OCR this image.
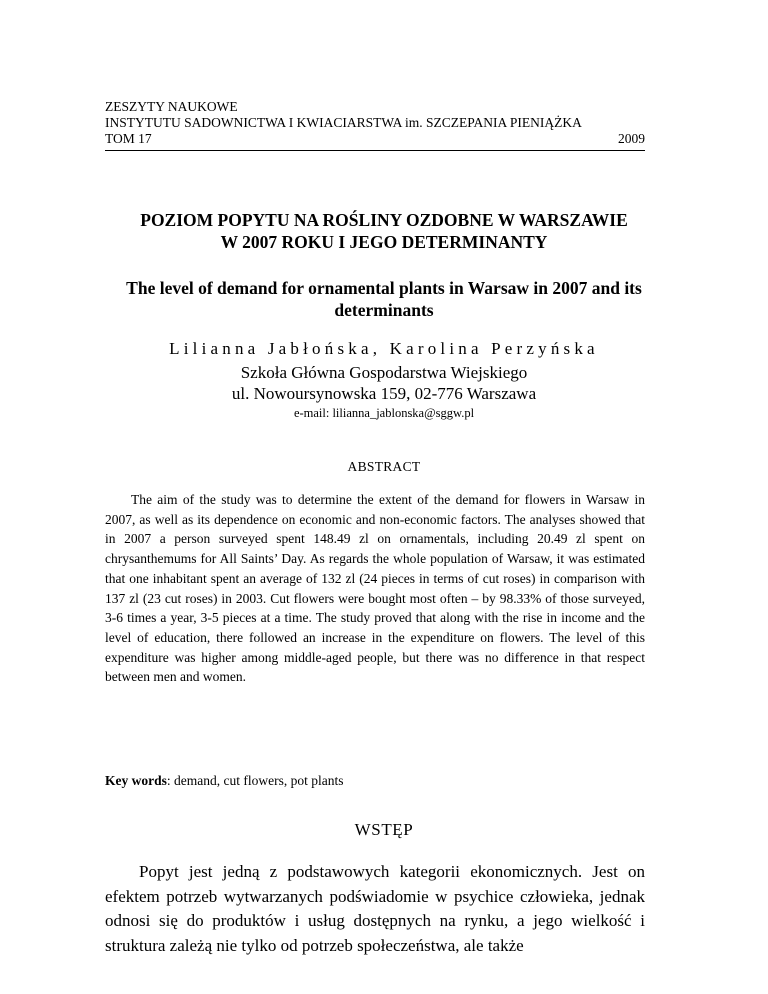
ZESZYTY NAUKOWE
INSTYTUTU SADOWNICTWA I KWIACIARSTWA im. SZCZEPANIA PIENIĄŻKA
TOM 17	2009
POZIOM POPYTU NA ROŚLINY OZDOBNE W WARSZAWIE
W 2007 ROKU I JEGO DETERMINANTY
The level of demand for ornamental plants in Warsaw in 2007 and its
determinants
Lilianna Jabłońska, Karolina Perzyńska
Szkoła Główna Gospodarstwa Wiejskiego
ul. Nowoursynowska 159, 02-776 Warszawa
e-mail: lilianna_jablonska@sggw.pl
ABSTRACT

The aim of the study was to determine the extent of the demand for flowers in Warsaw in 2007, as well as its dependence on economic and non-economic factors. The analyses showed that in 2007 a person surveyed spent 148.49 zl on ornamentals, including 20.49 zl spent on chrysanthemums for All Saints’ Day. As regards the whole population of Warsaw, it was estimated that one inhabitant spent an average of 132 zl (24 pieces in terms of cut roses) in comparison with 137 zl (23 cut roses) in 2003. Cut flowers were bought most often – by 98.33% of those surveyed, 3-6 times a year, 3-5 pieces at a time. The study proved that along with the rise in income and the level of education, there followed an increase in the expenditure on flowers. The level of this expenditure was higher among middle-aged people, but there was no difference in that respect between men and women.

Key words: demand, cut flowers, pot plants
WSTĘP

Popyt jest jedną z podstawowych kategorii ekonomicznych. Jest on efektem potrzeb wytwarzanych podświadomie w psychice człowieka, jednak odnosi się do produktów i usług dostępnych na rynku, a jego wielkość i struktura zależą nie tylko od potrzeb społeczeństwa, ale także
